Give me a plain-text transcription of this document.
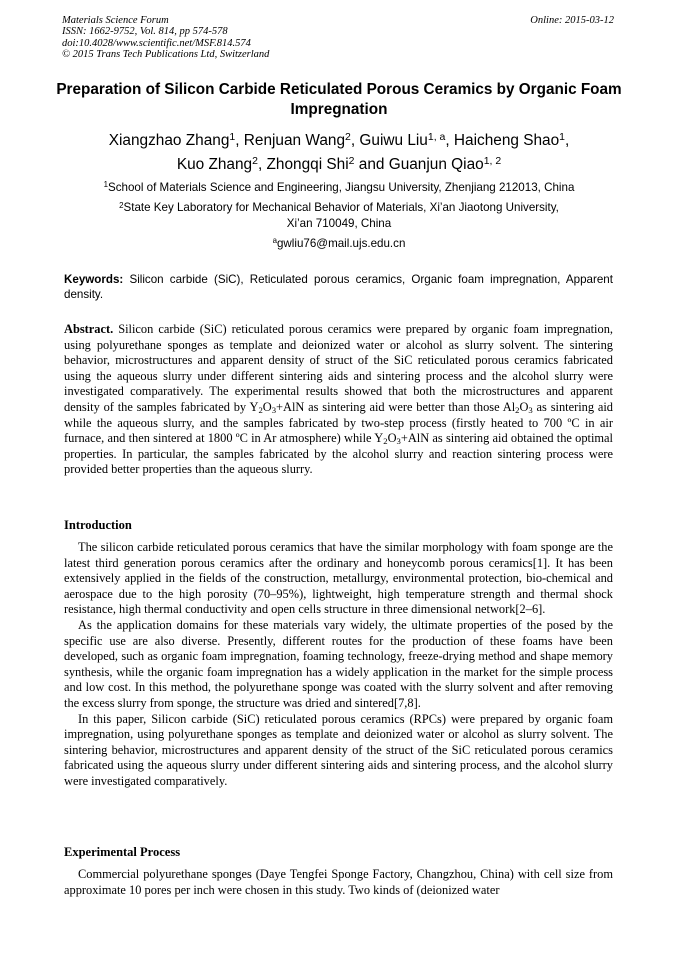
Materials Science Forum
ISSN: 1662-9752, Vol. 814, pp 574-578
doi:10.4028/www.scientific.net/MSF.814.574
© 2015 Trans Tech Publications Ltd, Switzerland
Online: 2015-03-12
Preparation of Silicon Carbide Reticulated Porous Ceramics by Organic Foam Impregnation
Xiangzhao Zhang$^1$, Renjuan Wang$^2$, Guiwu Liu$^{1, a}$, Haicheng Shao$^1$,
Kuo Zhang$^2$, Zhongqi Shi$^2$ and Guanjun Qiao$^{1, 2}$

$^1$School of Materials Science and Engineering, Jiangsu University, Zhenjiang 212013, China

$^2$State Key Laboratory for Mechanical Behavior of Materials, Xi’an Jiaotong University,
Xi’an 710049, China

$^a$gwliu76@mail.ujs.edu.cn

Keywords: Silicon carbide (SiC), Reticulated porous ceramics, Organic foam impregnation, Apparent density.

Abstract. Silicon carbide (SiC) reticulated porous ceramics were prepared by organic foam impregnation, using polyurethane sponges as template and deionized water or alcohol as slurry solvent. The sintering behavior, microstructures and apparent density of struct of the SiC reticulated porous ceramics fabricated using the aqueous slurry under different sintering aids and sintering process and the alcohol slurry were investigated comparatively. The experimental results showed that both the microstructures and apparent density of the samples fabricated by $Y_2O_3+AlN$ as sintering aid were better than those $Al_2O_3$ as sintering aid while the aqueous slurry, and the samples fabricated by two-step process (firstly heated to 700 ºC in air furnace, and then sintered at 1800 ºC in Ar atmosphere) while $Y_2O_3+AlN$ as sintering aid obtained the optimal properties. In particular, the samples fabricated by the alcohol slurry and reaction sintering process were provided better properties than the aqueous slurry.

Introduction

The silicon carbide reticulated porous ceramics that have the similar morphology with foam sponge are the latest third generation porous ceramics after the ordinary and honeycomb porous ceramics[1]. It has been extensively applied in the fields of the construction, metallurgy, environmental protection, bio-chemical and aerospace due to the high porosity (70–95%), lightweight, high temperature strength and thermal shock resistance, high thermal conductivity and open cells structure in three dimensional network[2–6].

As the application domains for these materials vary widely, the ultimate properties of the posed by the specific use are also diverse. Presently, different routes for the production of these foams have been developed, such as organic foam impregnation, foaming technology, freeze-drying method and shape memory synthesis, while the organic foam impregnation has a widely application in the market for the simple process and low cost. In this method, the polyurethane sponge was coated with the slurry solvent and after removing the excess slurry from sponge, the structure was dried and sintered[7,8].

In this paper, Silicon carbide (SiC) reticulated porous ceramics (RPCs) were prepared by organic foam impregnation, using polyurethane sponges as template and deionized water or alcohol as slurry solvent. The sintering behavior, microstructures and apparent density of the struct of the SiC reticulated porous ceramics fabricated using the aqueous slurry under different sintering aids and sintering process, and the alcohol slurry were investigated comparatively.

Experimental Process

Commercial polyurethane sponges (Daye Tengfei Sponge Factory, Changzhou, China) with cell size from approximate 10 pores per inch were chosen in this study. Two kinds of (deionized water
